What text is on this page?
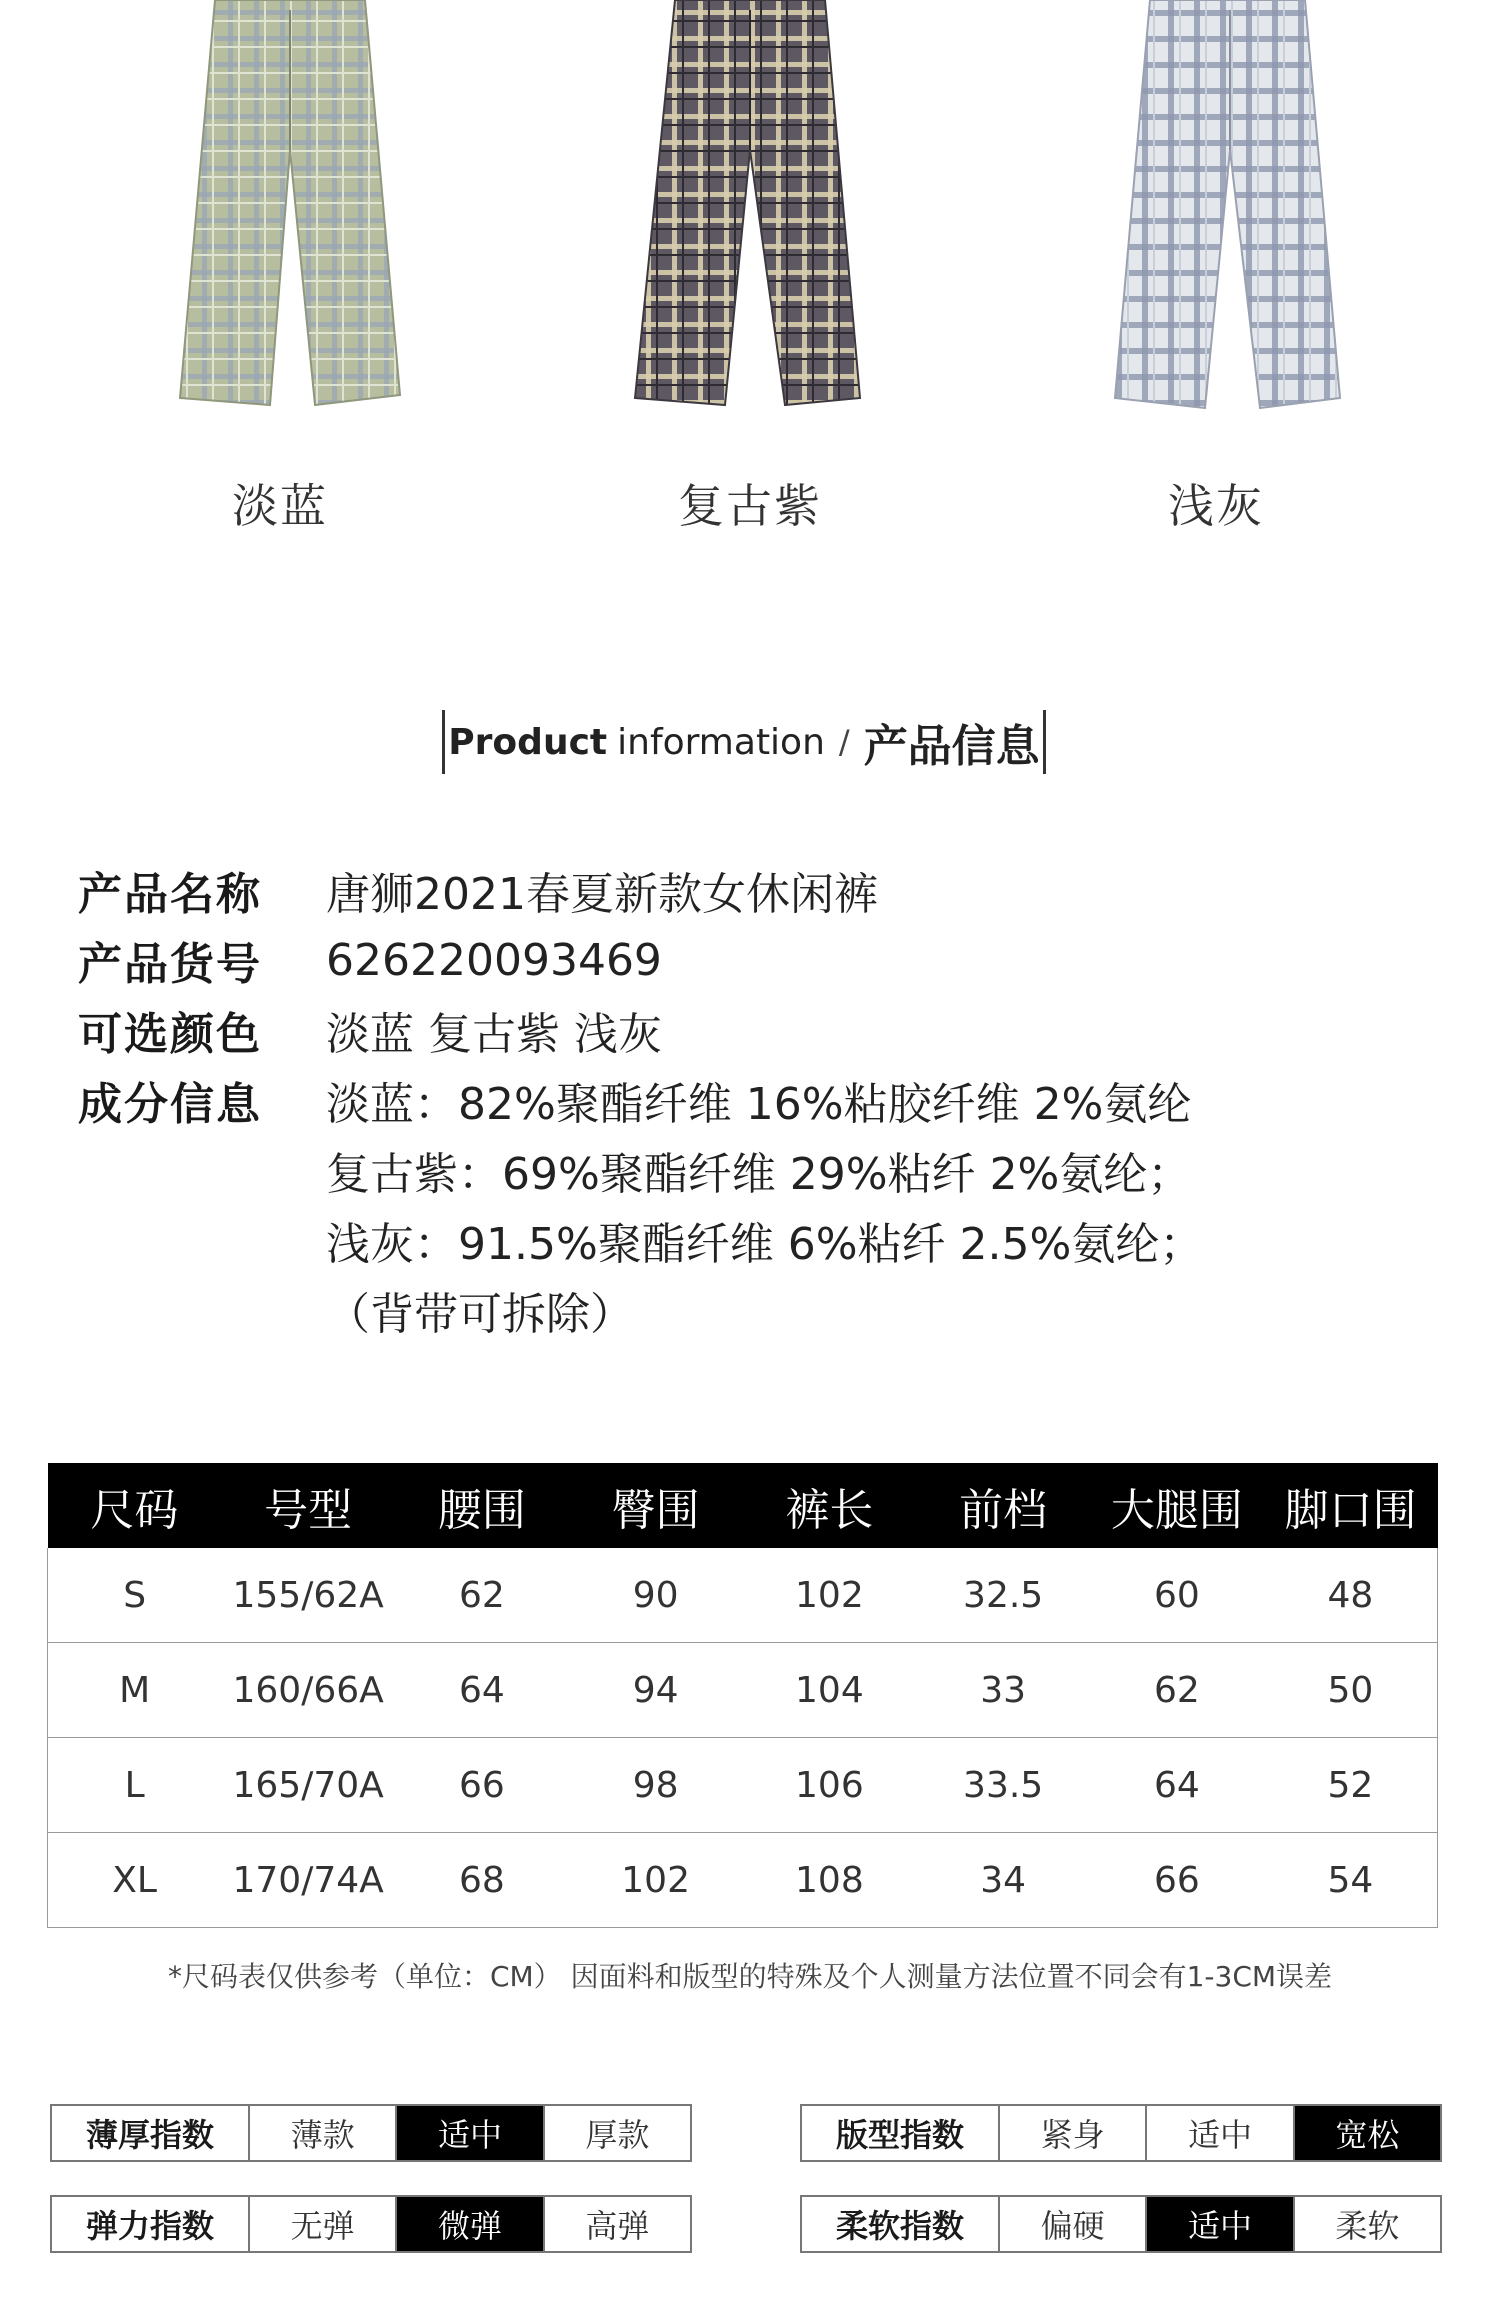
淡蓝	复古紫	浅灰
Product information / 产品信息
产品名称	唐狮2021春夏新款女休闲裤
产品货号	626220093469
可选颜色	淡蓝 复古紫 浅灰
成分信息	淡蓝：82%聚酯纤维 16%粘胶纤维 2%氨纶
复古紫：69%聚酯纤维 29%粘纤 2%氨纶；
浅灰：91.5%聚酯纤维 6%粘纤 2.5%氨纶；
（背带可拆除）
尺码	号型	腰围	臀围	裤长	前档	大腿围	脚口围
S	155/62A	62	90	102	32.5	60	48
M	160/66A	64	94	104	33	62	50
L	165/70A	66	98	106	33.5	64	52
XL	170/74A	68	102	108	34	66	54
*尺码表仅供参考（单位：CM） 因面料和版型的特殊及个人测量方法位置不同会有1-3CM误差
薄厚指数	薄款	适中	厚款	版型指数	紧身	适中	宽松
弹力指数	无弹	微弹	高弹	柔软指数	偏硬	适中	柔软
